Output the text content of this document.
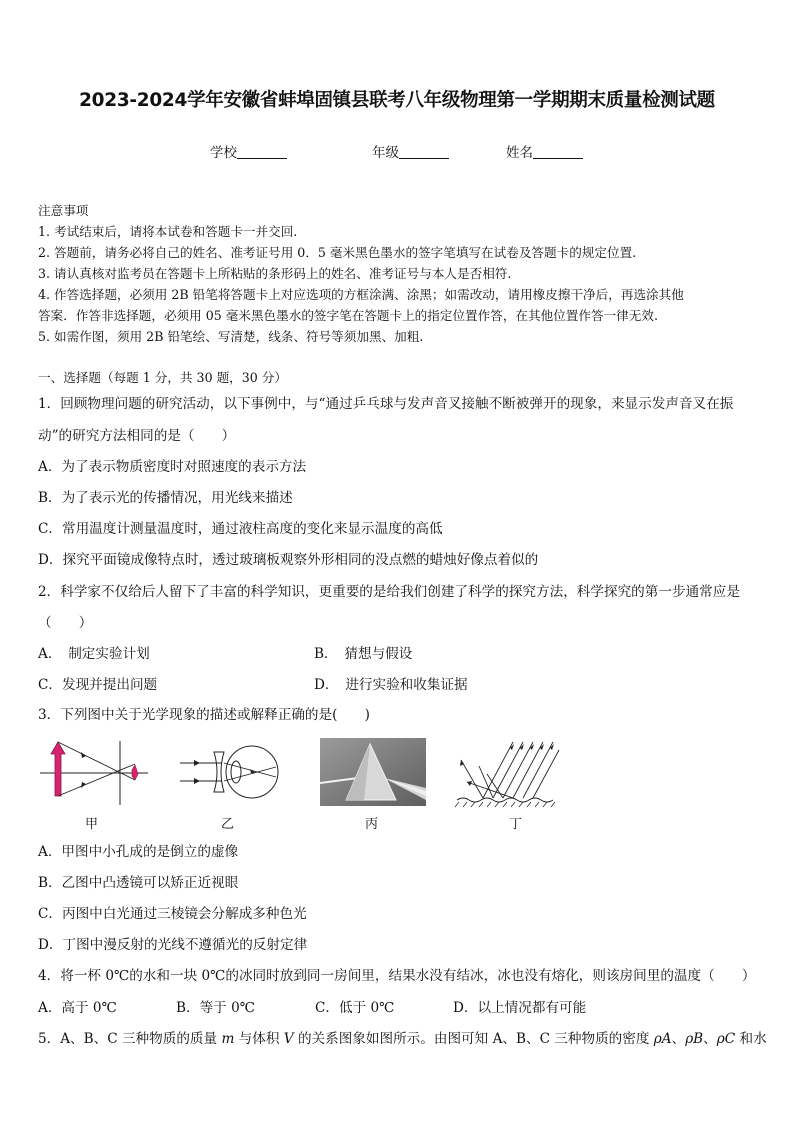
2023-2024学年安徽省蚌埠固镇县联考八年级物理第一学期期末质量检测试题
学校	年级	姓名
注意事项
1. 考试结束后，请将本试卷和答题卡一并交回.
2. 答题前，请务必将自己的姓名、准考证号用 0．5 毫米黑色墨水的签字笔填写在试卷及答题卡的规定位置.
3. 请认真核对监考员在答题卡上所粘贴的条形码上的姓名、准考证号与本人是否相符.
4. 作答选择题，必须用 2B 铅笔将答题卡上对应选项的方框涂满、涂黑；如需改动，请用橡皮擦干净后，再选涂其他
答案．作答非选择题，必须用 05 毫米黑色墨水的签字笔在答题卡上的指定位置作答，在其他位置作答一律无效.
5. 如需作图，须用 2B 铅笔绘、写清楚，线条、符号等须加黑、加粗.
一、选择题（每题 1 分，共 30 题，30 分）
1．回顾物理问题的研究活动，以下事例中，与“通过乒乓球与发声音叉接触不断被弹开的现象，来显示发声音叉在振
动”的研究方法相同的是（　　）
A．为了表示物质密度时对照速度的表示方法
B．为了表示光的传播情况，用光线来描述
C．常用温度计测量温度时，通过液柱高度的变化来显示温度的高低
D．探究平面镜成像特点时，透过玻璃板观察外形相同的没点燃的蜡烛好像点着似的
2．科学家不仅给后人留下了丰富的科学知识，更重要的是给我们创建了科学的探究方法，科学探究的第一步通常应是
（　　）
A．　制定实验计划	B．　猜想与假设
C．发现并提出问题	D．　进行实验和收集证据
3．下列图中关于光学现象的描述或解释正确的是(　　)
甲	乙	丙	丁
A．甲图中小孔成的是倒立的虚像
B．乙图中凸透镜可以矫正近视眼
C．丙图中白光通过三棱镜会分解成多种色光
D．丁图中漫反射的光线不遵循光的反射定律
4．将一杯 0℃的水和一块 0℃的冰同时放到同一房间里，结果水没有结冰，冰也没有熔化，则该房间里的温度（　　）
A．高于 0℃	B．等于 0℃	C．低于 0℃	D．以上情况都有可能
5．A、B、C 三种物质的质量 m 与体积 V 的关系图象如图所示。由图可知 A、B、C 三种物质的密度 ρA、ρB、ρC 和水
